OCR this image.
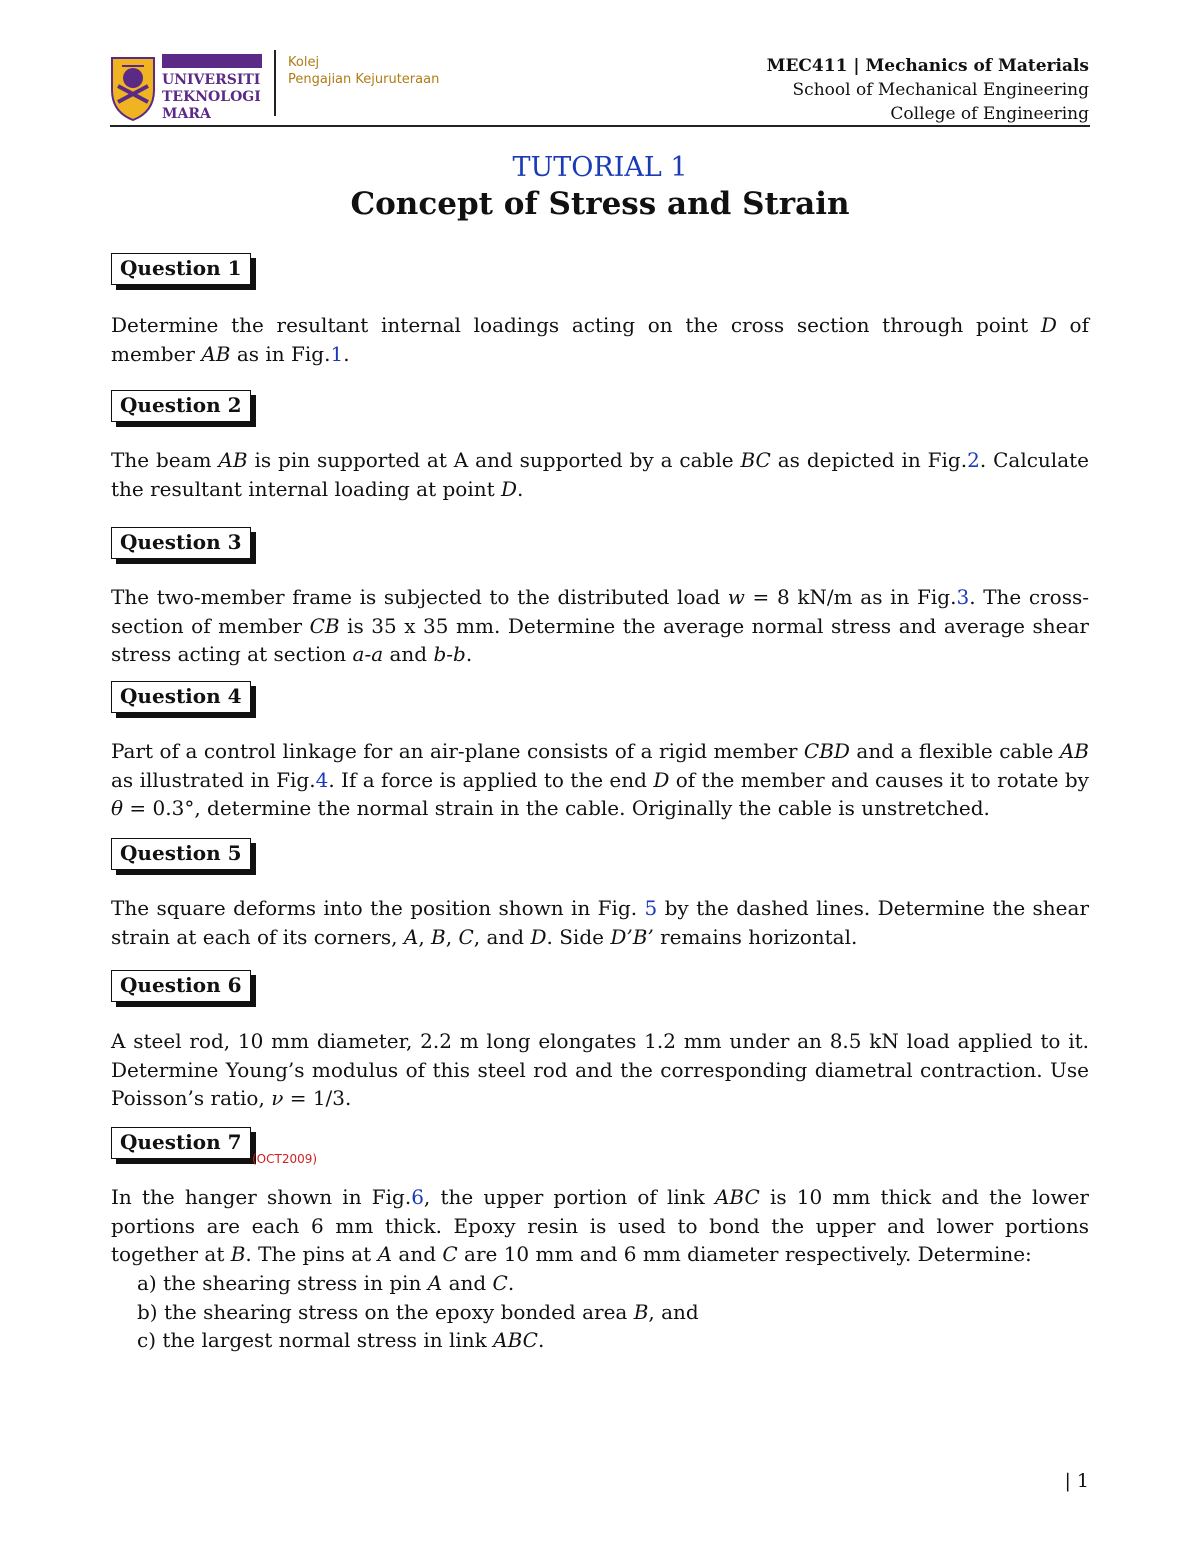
UNIVERSITI
TEKNOLOGI
MARA
Kolej
Pengajian Kejuruteraan
MEC411 | Mechanics of Materials
School of Mechanical Engineering
College of Engineering
TUTORIAL 1
Concept of Stress and Strain
Question 1
Determine the resultant internal loadings acting on the cross section through point D of member AB as in Fig.1.
Question 2
The beam AB is pin supported at A and supported by a cable BC as depicted in Fig.2. Calculate the resultant internal loading at point D.
Question 3
The two-member frame is subjected to the distributed load w = 8 kN/m as in Fig.3. The cross-section of member CB is 35 x 35 mm. Determine the average normal stress and average shear stress acting at section a-a and b-b.
Question 4
Part of a control linkage for an air-plane consists of a rigid member CBD and a flexible cable AB as illustrated in Fig.4. If a force is applied to the end D of the member and causes it to rotate by θ = 0.3°, determine the normal strain in the cable. Originally the cable is unstretched.
Question 5
The square deforms into the position shown in Fig. 5 by the dashed lines. Determine the shear strain at each of its corners, A, B, C, and D. Side D’B’ remains horizontal.
Question 6
A steel rod, 10 mm diameter, 2.2 m long elongates 1.2 mm under an 8.5 kN load applied to it. Determine Young’s modulus of this steel rod and the corresponding diametral contraction. Use Poisson’s ratio, ν = 1/3.
Question 7
(OCT2009)
In the hanger shown in Fig.6, the upper portion of link ABC is 10 mm thick and the lower portions are each 6 mm thick. Epoxy resin is used to bond the upper and lower portions together at B. The pins at A and C are 10 mm and 6 mm diameter respectively. Determine:
a) the shearing stress in pin A and C.
b) the shearing stress on the epoxy bonded area B, and
c) the largest normal stress in link ABC.
| 1
